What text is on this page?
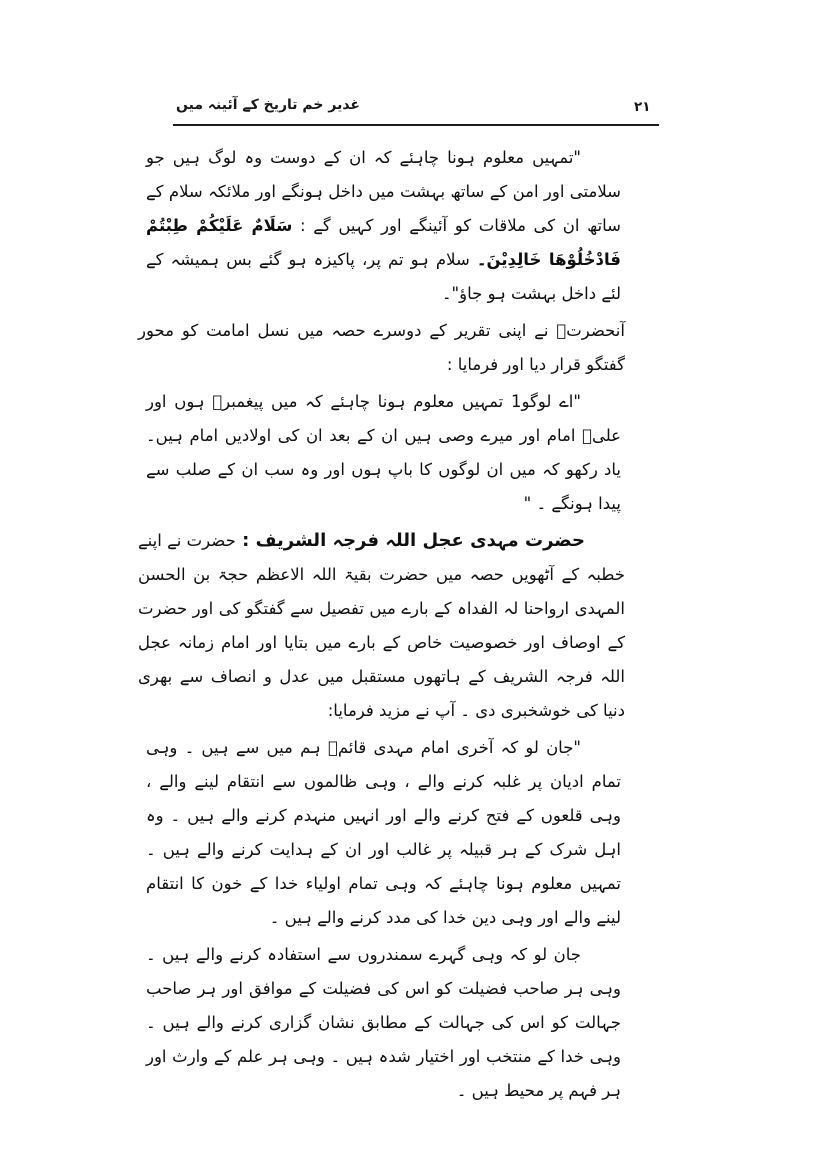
غدیر خم تاریخ کے آئینہ میں	۲۱

"تمہیں معلوم ہونا چاہئے کہ ان کے دوست وہ لوگ ہیں جو سلامتی اور امن کے ساتھ بہشت میں داخل ہونگے اور ملائکہ سلام کے ساتھ ان کی ملاقات کو آئینگے اور کہیں گے : سَلَامٌ عَلَيْكُمْ طِبْتُمْ فَادْخُلُوْهَا خَالِدِيْنَ۔ سلام ہو تم پر، پاکیزہ ہو گئے بس ہمیشہ کے لئے داخل بہشت ہو جاؤ"۔

آنحضرتؐ نے اپنی تقریر کے دوسرے حصہ میں نسل امامت کو محور گفتگو قرار دیا اور فرمایا :

"اے لوگو1 تمہیں معلوم ہونا چاہئے کہ میں پیغمبرؐ ہوں اور علیؑ امام اور میرے وصی ہیں ان کے بعد ان کی اولادیں امام ہیں۔ یاد رکھو کہ میں ان لوگوں کا باپ ہوں اور وہ سب ان کے صلب سے پیدا ہونگے ۔ "

حضرت مہدی عجل اللہ فرجہ الشریف : حضرت نے اپنے خطبہ کے آٹھویں حصہ میں حضرت بقیۃ اللہ الاعظم حجۃ بن الحسن المہدی ارواحنا لہ الفداہ کے بارے میں تفصیل سے گفتگو کی اور حضرت کے اوصاف اور خصوصیت خاص کے بارے میں بتایا اور امام زمانہ عجل اللہ فرجہ الشریف کے ہاتھوں مستقبل میں عدل و انصاف سے بھری دنیا کی خوشخبری دی ۔ آپ نے مزید فرمایا:

"جان لو کہ آخری امام مہدی قائمؑ ہم میں سے ہیں ۔ وہی تمام ادیان پر غلبہ کرنے والے ، وہی ظالموں سے انتقام لینے والے ، وہی قلعوں کے فتح کرنے والے اور انہیں منہدم کرنے والے ہیں ۔ وہ اہل شرک کے ہر قبیلہ پر غالب اور ان کے ہدایت کرنے والے ہیں ۔ تمہیں معلوم ہونا چاہئے کہ وہی تمام اولیاء خدا کے خون کا انتقام لینے والے اور وہی دین خدا کی مدد کرنے والے ہیں ۔

جان لو کہ وہی گہرے سمندروں سے استفادہ کرنے والے ہیں ۔ وہی ہر صاحب فضیلت کو اس کی فضیلت کے موافق اور ہر صاحب جہالت کو اس کی جہالت کے مطابق نشان گزاری کرنے والے ہیں ۔ وہی خدا کے منتخب اور اختیار شدہ ہیں ۔ وہی ہر علم کے وارث اور ہر فہم پر محیط ہیں ۔
